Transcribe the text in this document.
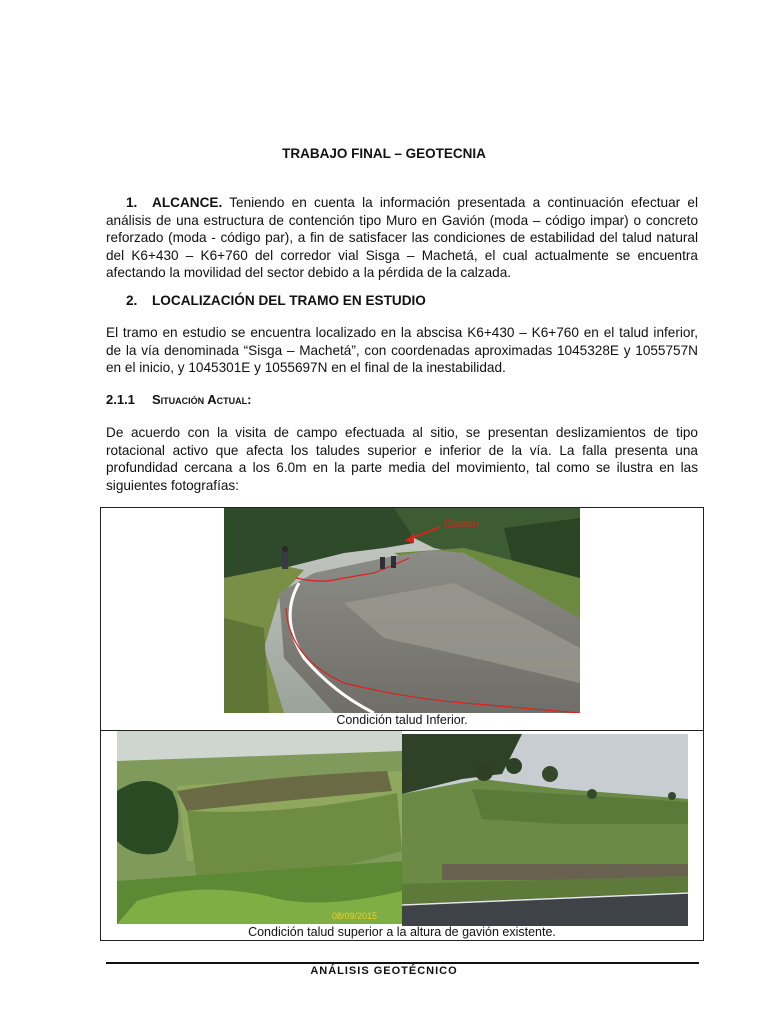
TRABAJO FINAL – GEOTECNIA
1. ALCANCE. Teniendo en cuenta la información presentada a continuación efectuar el análisis de una estructura de contención tipo Muro en Gavión (moda – código impar) o concreto reforzado (moda - código par), a fin de satisfacer las condiciones de estabilidad del talud natural del K6+430 – K6+760 del corredor vial Sisga – Machetá, el cual actualmente se encuentra afectando la movilidad del sector debido a la pérdida de la calzada.
2. LOCALIZACIÓN DEL TRAMO EN ESTUDIO
El tramo en estudio se encuentra localizado en la abscisa K6+430 – K6+760 en el talud inferior, de la vía denominada “Sisga – Machetá”, con coordenadas aproximadas 1045328E y 1055757N en el inicio, y 1045301E y 1055697N en el final de la inestabilidad.
2.1.1 Situación Actual:
De acuerdo con la visita de campo efectuada al sitio, se presentan deslizamientos de tipo rotacional activo que afecta los taludes superior e inferior de la vía. La falla presenta una profundidad cercana a los 6.0m en la parte media del movimiento, tal como se ilustra en las siguientes fotografías:
Gavión
Condición talud Inferior.
08/09/2015
Condición talud superior a la altura de gavión existente.
ANÁLISIS GEOTÉCNICO
